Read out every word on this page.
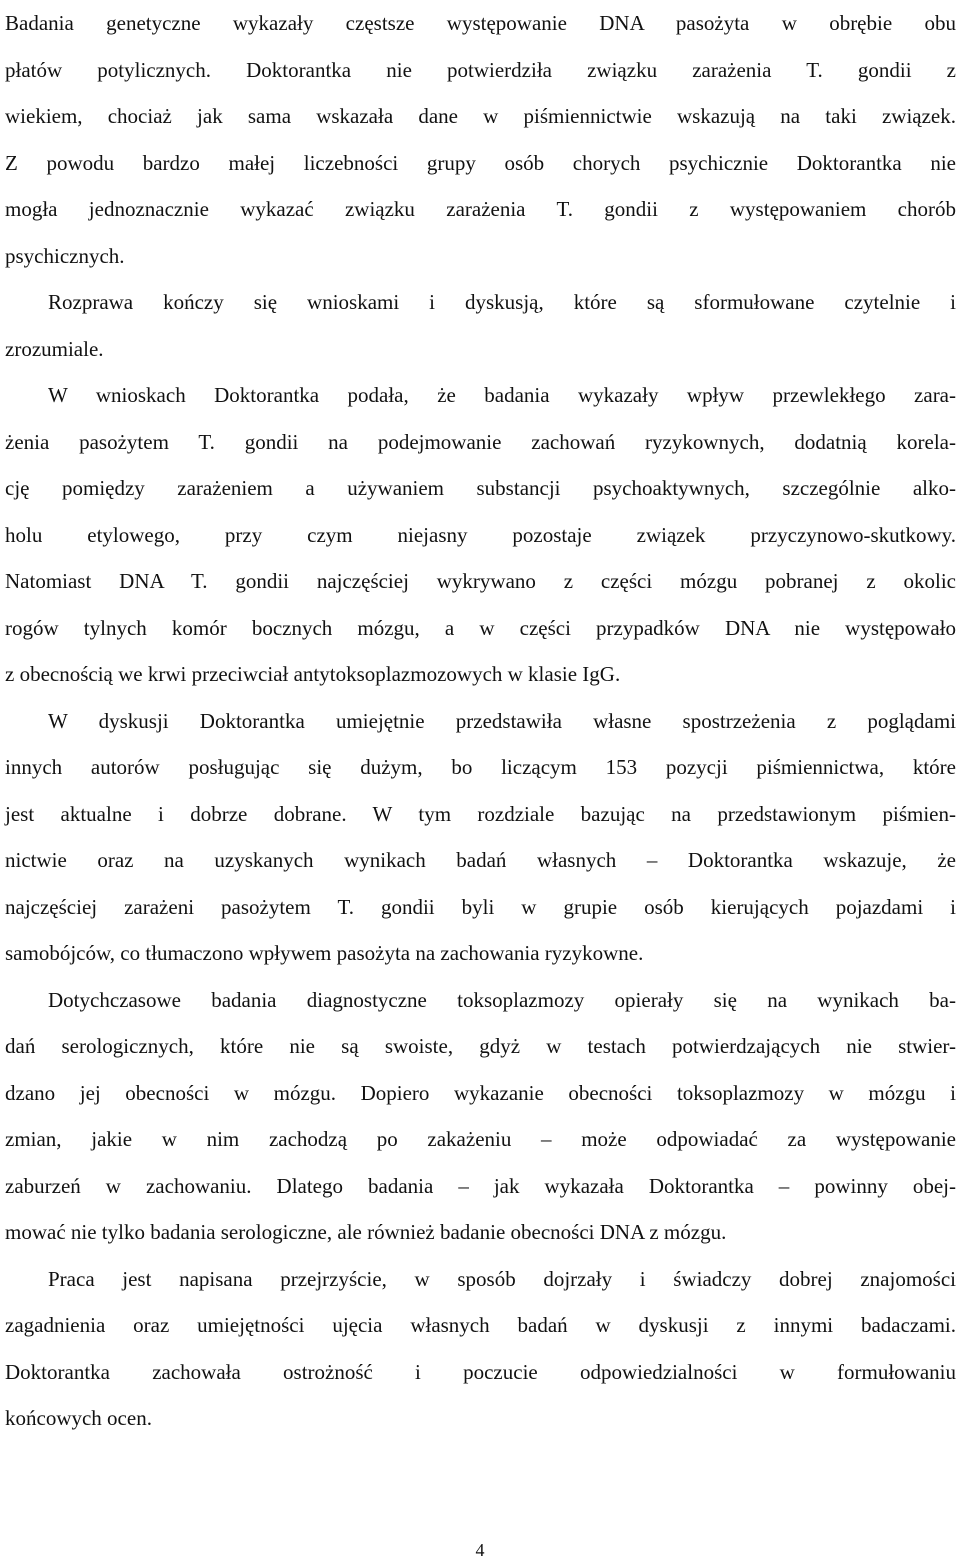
Badania genetyczne wykazały częstsze występowanie DNA pasożyta w obrębie obu
płatów potylicznych. Doktorantka nie potwierdziła związku zarażenia T. gondii z
wiekiem, chociaż jak sama wskazała dane w piśmiennictwie wskazują na taki związek.
Z powodu bardzo małej liczebności grupy osób chorych psychicznie Doktorantka nie
mogła jednoznacznie wykazać związku zarażenia T. gondii z występowaniem chorób
psychicznych.

Rozprawa kończy się wnioskami i dyskusją, które są sformułowane czytelnie i
zrozumiale.

W wnioskach Doktorantka podała, że badania wykazały wpływ przewlekłego zara-
żenia pasożytem T. gondii na podejmowanie zachowań ryzykownych, dodatnią korela-
cję pomiędzy zarażeniem a używaniem substancji psychoaktywnych, szczególnie alko-
holu etylowego, przy czym niejasny pozostaje związek przyczynowo-skutkowy.
Natomiast DNA T. gondii najczęściej wykrywano z części mózgu pobranej z okolic
rogów tylnych komór bocznych mózgu, a w części przypadków DNA nie występowało
z obecnością we krwi przeciwciał antytoksoplazmozowych w klasie IgG.

W dyskusji Doktorantka umiejętnie przedstawiła własne spostrzeżenia z poglądami
innych autorów posługując się dużym, bo liczącym 153 pozycji piśmiennictwa, które
jest aktualne i dobrze dobrane. W tym rozdziale bazując na przedstawionym piśmien-
nictwie oraz na uzyskanych wynikach badań własnych – Doktorantka wskazuje, że
najczęściej zarażeni pasożytem T. gondii byli w grupie osób kierujących pojazdami i
samobójców, co tłumaczono wpływem pasożyta na zachowania ryzykowne.

Dotychczasowe badania diagnostyczne toksoplazmozy opierały się na wynikach ba-
dań serologicznych, które nie są swoiste, gdyż w testach potwierdzających nie stwier-
dzano jej obecności w mózgu. Dopiero wykazanie obecności toksoplazmozy w mózgu i
zmian, jakie w nim zachodzą po zakażeniu – może odpowiadać za występowanie
zaburzeń w zachowaniu. Dlatego badania – jak wykazała Doktorantka – powinny obej-
mować nie tylko badania serologiczne, ale również badanie obecności DNA z mózgu.

Praca jest napisana przejrzyście, w sposób dojrzały i świadczy dobrej znajomości
zagadnienia oraz umiejętności ujęcia własnych badań w dyskusji z innymi badaczami.
Doktorantka zachowała ostrożność i poczucie odpowiedzialności w formułowaniu
końcowych ocen.

4
